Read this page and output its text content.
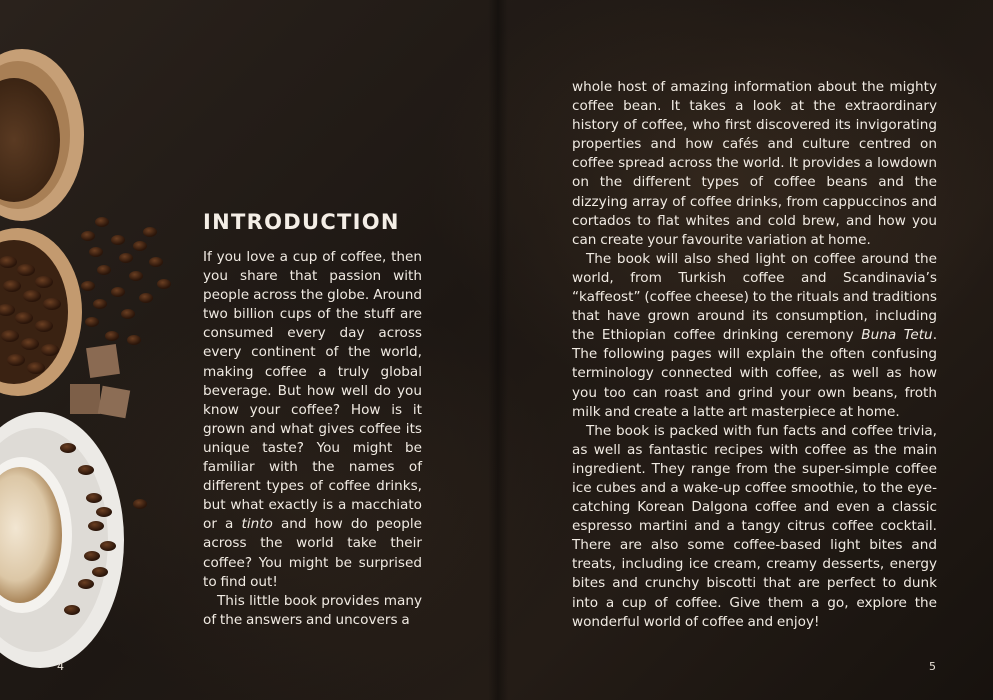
INTRODUCTION

If you love a cup of coffee, then you share that passion with people across the globe. Around two billion cups of the stuff are consumed every day across every continent of the world, making coffee a truly global beverage. But how well do you know your coffee? How is it grown and what gives coffee its unique taste? You might be familiar with the names of different types of coffee drinks, but what exactly is a macchiato or a tinto and how do people across the world take their coffee? You might be surprised to find out!

This little book provides many of the answers and uncovers a

whole host of amazing information about the mighty coffee bean. It takes a look at the extraordinary history of coffee, who first discovered its invigorating properties and how cafés and culture centred on coffee spread across the world. It provides a lowdown on the different types of coffee beans and the dizzying array of coffee drinks, from cappuccinos and cortados to flat whites and cold brew, and how you can create your favourite variation at home.

The book will also shed light on coffee around the world, from Turkish coffee and Scandinavia’s “kaffeost” (coffee cheese) to the rituals and traditions that have grown around its consumption, including the Ethiopian coffee drinking ceremony Buna Tetu. The following pages will explain the often confusing terminology connected with coffee, as well as how you too can roast and grind your own beans, froth milk and create a latte art masterpiece at home.

The book is packed with fun facts and coffee trivia, as well as fantastic recipes with coffee as the main ingredient. They range from the super-simple coffee ice cubes and a wake-up coffee smoothie, to the eye-catching Korean Dalgona coffee and even a classic espresso martini and a tangy citrus coffee cocktail. There are also some coffee-based light bites and treats, including ice cream, creamy desserts, energy bites and crunchy biscotti that are perfect to dunk into a cup of coffee. Give them a go, explore the wonderful world of coffee and enjoy!

4	5
